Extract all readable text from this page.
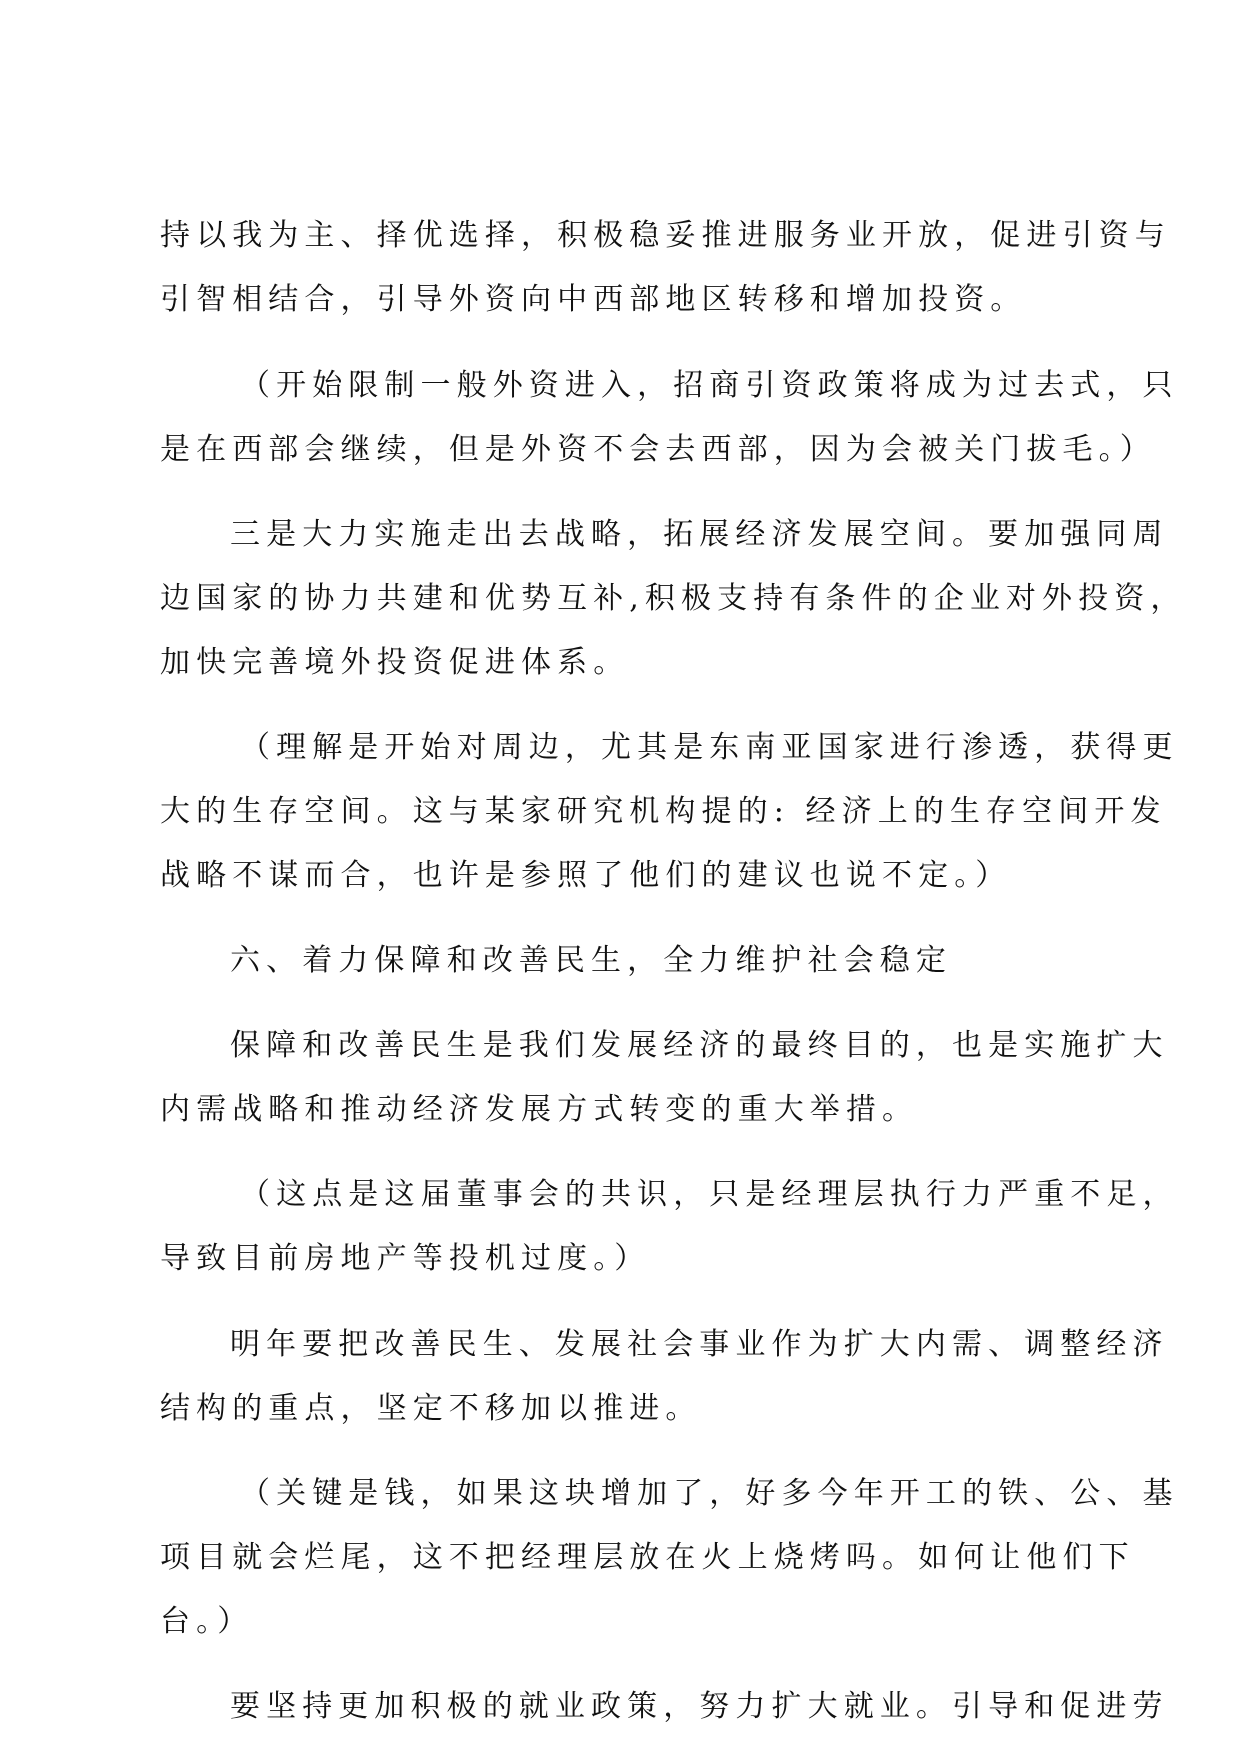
持以我为主、择优选择，积极稳妥推进服务业开放，促进引资与
引智相结合，引导外资向中西部地区转移和增加投资。
（开始限制一般外资进入，招商引资政策将成为过去式，只
是在西部会继续，但是外资不会去西部，因为会被关门拔毛。）
三是大力实施走出去战略，拓展经济发展空间。要加强同周
边国家的协力共建和优势互补,积极支持有条件的企业对外投资，
加快完善境外投资促进体系。
（理解是开始对周边，尤其是东南亚国家进行渗透，获得更
大的生存空间。这与某家研究机构提的: 经济上的生存空间开发
战略不谋而合，也许是参照了他们的建议也说不定。）
六、着力保障和改善民生，全力维护社会稳定
保障和改善民生是我们发展经济的最终目的，也是实施扩大
内需战略和推动经济发展方式转变的重大举措。
（这点是这届董事会的共识，只是经理层执行力严重不足，
导致目前房地产等投机过度。）
明年要把改善民生、发展社会事业作为扩大内需、调整经济
结构的重点，坚定不移加以推进。
（关键是钱，如果这块增加了，好多今年开工的铁、公、基
项目就会烂尾，这不把经理层放在火上烧烤吗。如何让他们下
台。）
要坚持更加积极的就业政策，努力扩大就业。引导和促进劳
